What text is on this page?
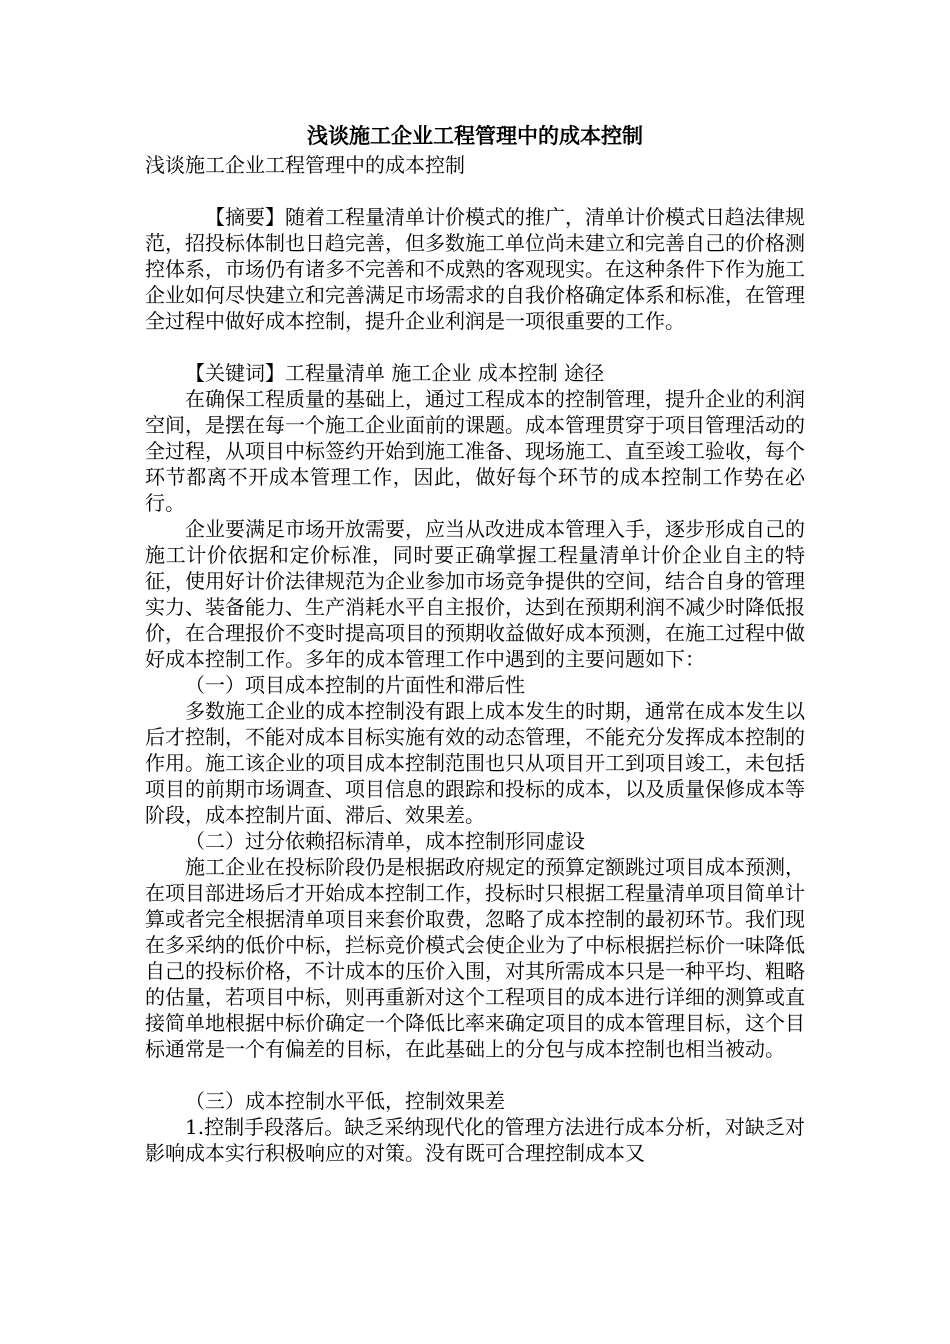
浅谈施工企业工程管理中的成本控制

浅谈施工企业工程管理中的成本控制

【摘要】随着工程量清单计价模式的推广，清单计价模式日趋法律规范，招投标体制也日趋完善，但多数施工单位尚未建立和完善自己的价格测控体系，市场仍有诸多不完善和不成熟的客观现实。在这种条件下作为施工企业如何尽快建立和完善满足市场需求的自我价格确定体系和标准，在管理全过程中做好成本控制，提升企业利润是一项很重要的工作。

【关键词】工程量清单 施工企业 成本控制 途径

在确保工程质量的基础上，通过工程成本的控制管理，提升企业的利润空间，是摆在每一个施工企业面前的课题。成本管理贯穿于项目管理活动的全过程，从项目中标签约开始到施工准备、现场施工、直至竣工验收，每个环节都离不开成本管理工作，因此，做好每个环节的成本控制工作势在必行。

企业要满足市场开放需要，应当从改进成本管理入手，逐步形成自己的施工计价依据和定价标准，同时要正确掌握工程量清单计价企业自主的特征，使用好计价法律规范为企业参加市场竞争提供的空间，结合自身的管理实力、装备能力、生产消耗水平自主报价，达到在预期利润不减少时降低报价，在合理报价不变时提高项目的预期收益做好成本预测，在施工过程中做好成本控制工作。多年的成本管理工作中遇到的主要问题如下：

（一）项目成本控制的片面性和滞后性

多数施工企业的成本控制没有跟上成本发生的时期，通常在成本发生以后才控制，不能对成本目标实施有效的动态管理，不能充分发挥成本控制的作用。施工该企业的项目成本控制范围也只从项目开工到项目竣工，未包括项目的前期市场调查、项目信息的跟踪和投标的成本，以及质量保修成本等阶段，成本控制片面、滞后、效果差。

（二）过分依赖招标清单，成本控制形同虚设

施工企业在投标阶段仍是根据政府规定的预算定额跳过项目成本预测，在项目部进场后才开始成本控制工作，投标时只根据工程量清单项目简单计算或者完全根据清单项目来套价取费，忽略了成本控制的最初环节。我们现在多采纳的低价中标，拦标竞价模式会使企业为了中标根据拦标价一味降低自己的投标价格，不计成本的压价入围，对其所需成本只是一种平均、粗略的估量，若项目中标，则再重新对这个工程项目的成本进行详细的测算或直接简单地根据中标价确定一个降低比率来确定项目的成本管理目标，这个目标通常是一个有偏差的目标，在此基础上的分包与成本控制也相当被动。

（三）成本控制水平低，控制效果差

1.控制手段落后。缺乏采纳现代化的管理方法进行成本分析，对缺乏对影响成本实行积极响应的对策。没有既可合理控制成本又
